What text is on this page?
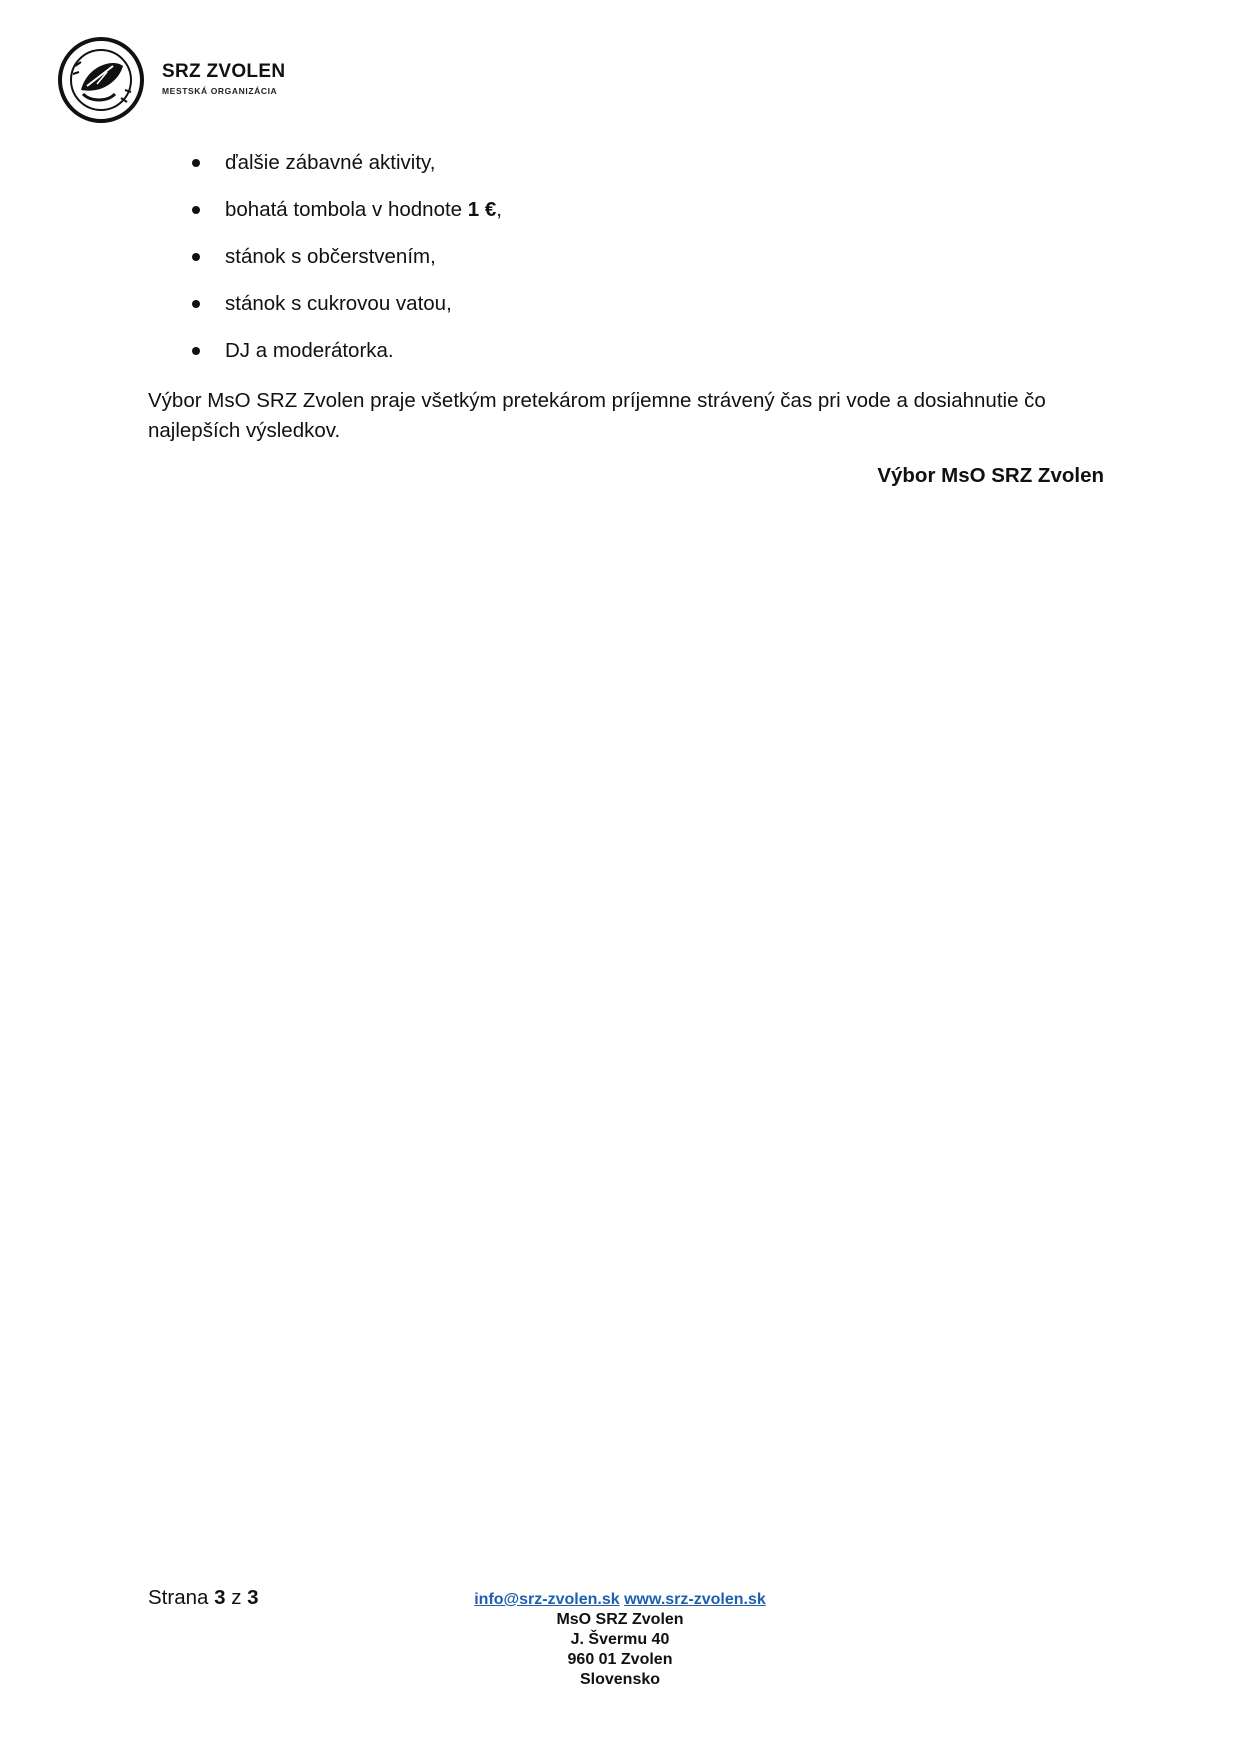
SRZ ZVOLEN
MESTSKÁ ORGANIZÁCIA
ďalšie zábavné aktivity,
bohatá tombola v hodnote 1 €,
stánok s občerstvením,
stánok s cukrovou vatou,
DJ a moderátorka.
Výbor MsO SRZ Zvolen praje všetkým pretekárom príjemne strávený čas pri vode a dosiahnutie čo najlepších výsledkov.
Výbor MsO SRZ Zvolen
Strana 3 z 3	info@srz-zvolen.sk www.srz-zvolen.sk
MsO SRZ Zvolen
J. Švermu 40
960 01 Zvolen
Slovensko
